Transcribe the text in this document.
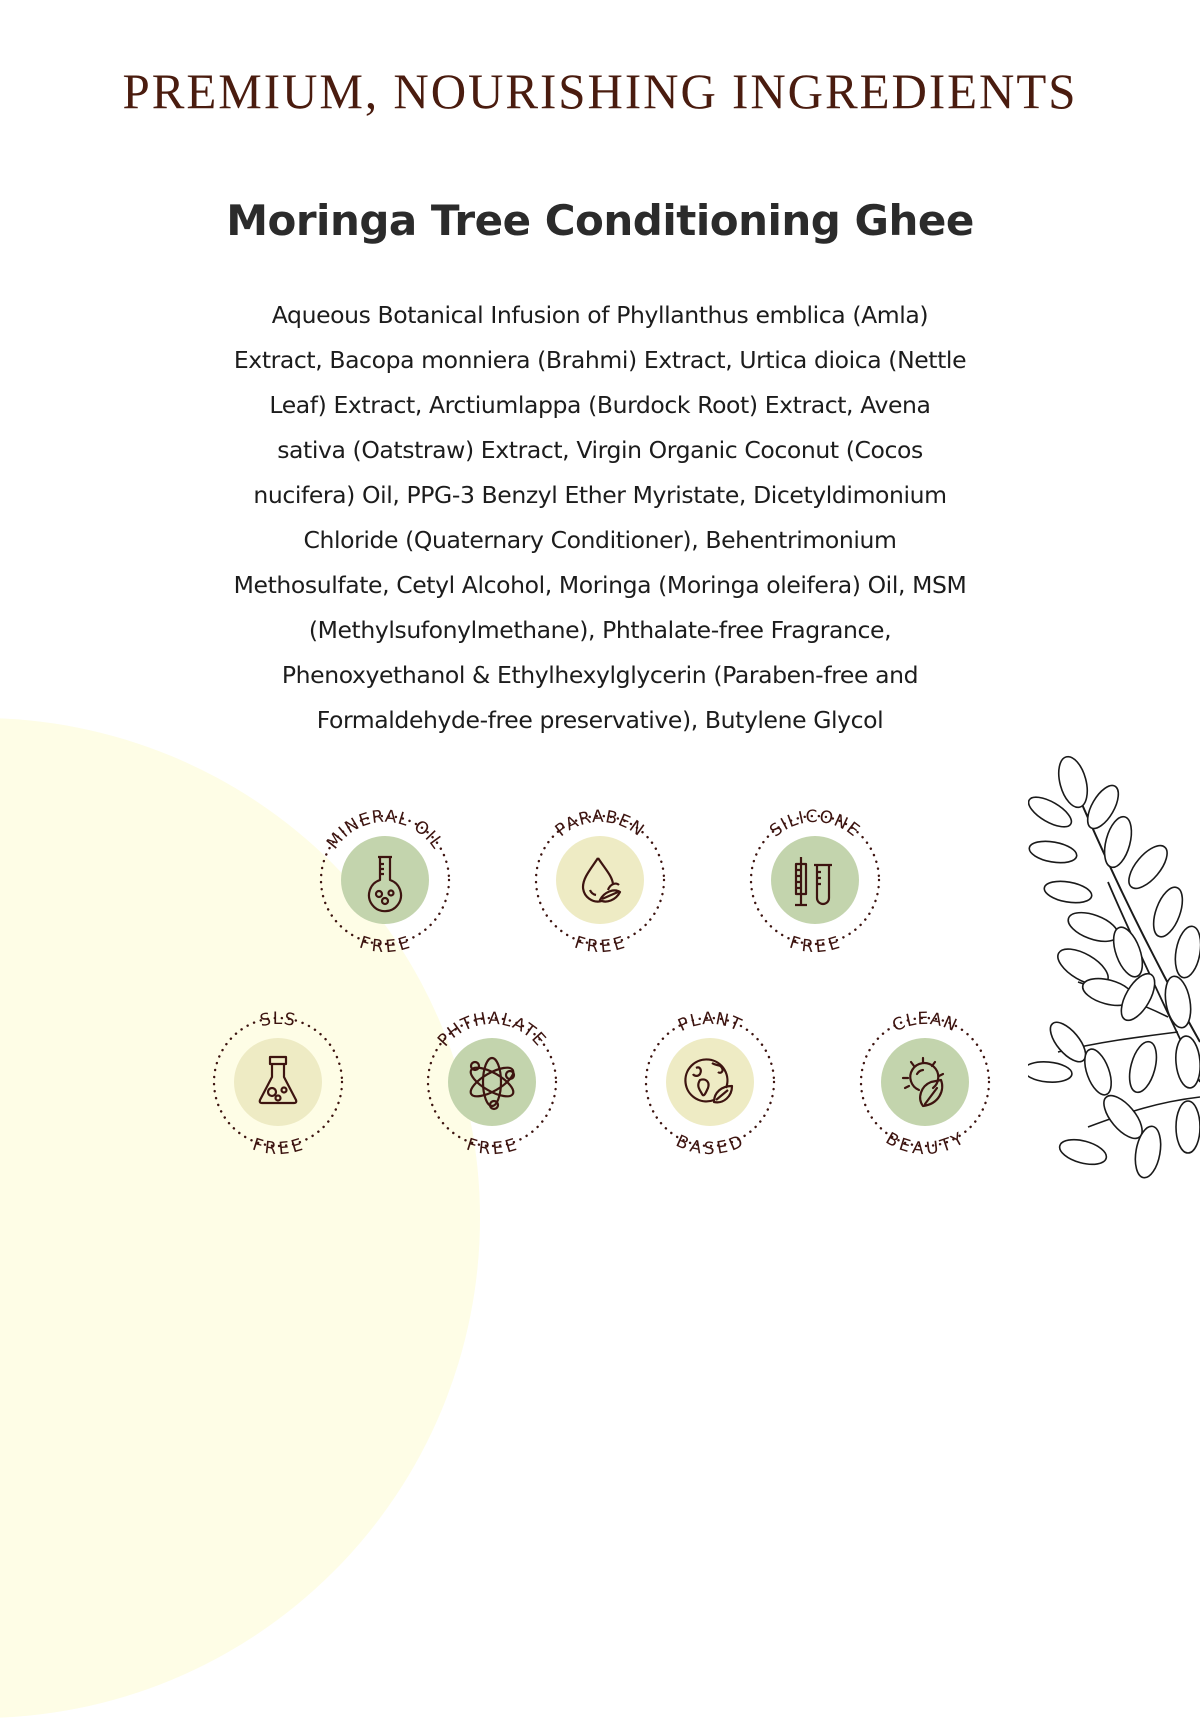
PREMIUM, NOURISHING INGREDIENTS
Moringa Tree Conditioning Ghee
Aqueous Botanical Infusion of Phyllanthus emblica (Amla)
Extract, Bacopa monniera (Brahmi) Extract, Urtica dioica (Nettle
Leaf) Extract, Arctiumlappa (Burdock Root) Extract, Avena
sativa (Oatstraw) Extract, Virgin Organic Coconut (Cocos
nucifera) Oil, PPG-3 Benzyl Ether Myristate, Dicetyldimonium
Chloride (Quaternary Conditioner), Behentrimonium
Methosulfate, Cetyl Alcohol, Moringa (Moringa oleifera) Oil, MSM
(Methylsufonylmethane), Phthalate-free Fragrance,
Phenoxyethanol & Ethylhexylglycerin (Paraben-free and
Formaldehyde-free preservative), Butylene Glycol
MINERAL OIL
FREE
PARABEN
FREE
SILICONE
FREE
SLS
FREE
PHTHALATE
FREE
PLANT
BASED
CLEAN
BEAUTY
